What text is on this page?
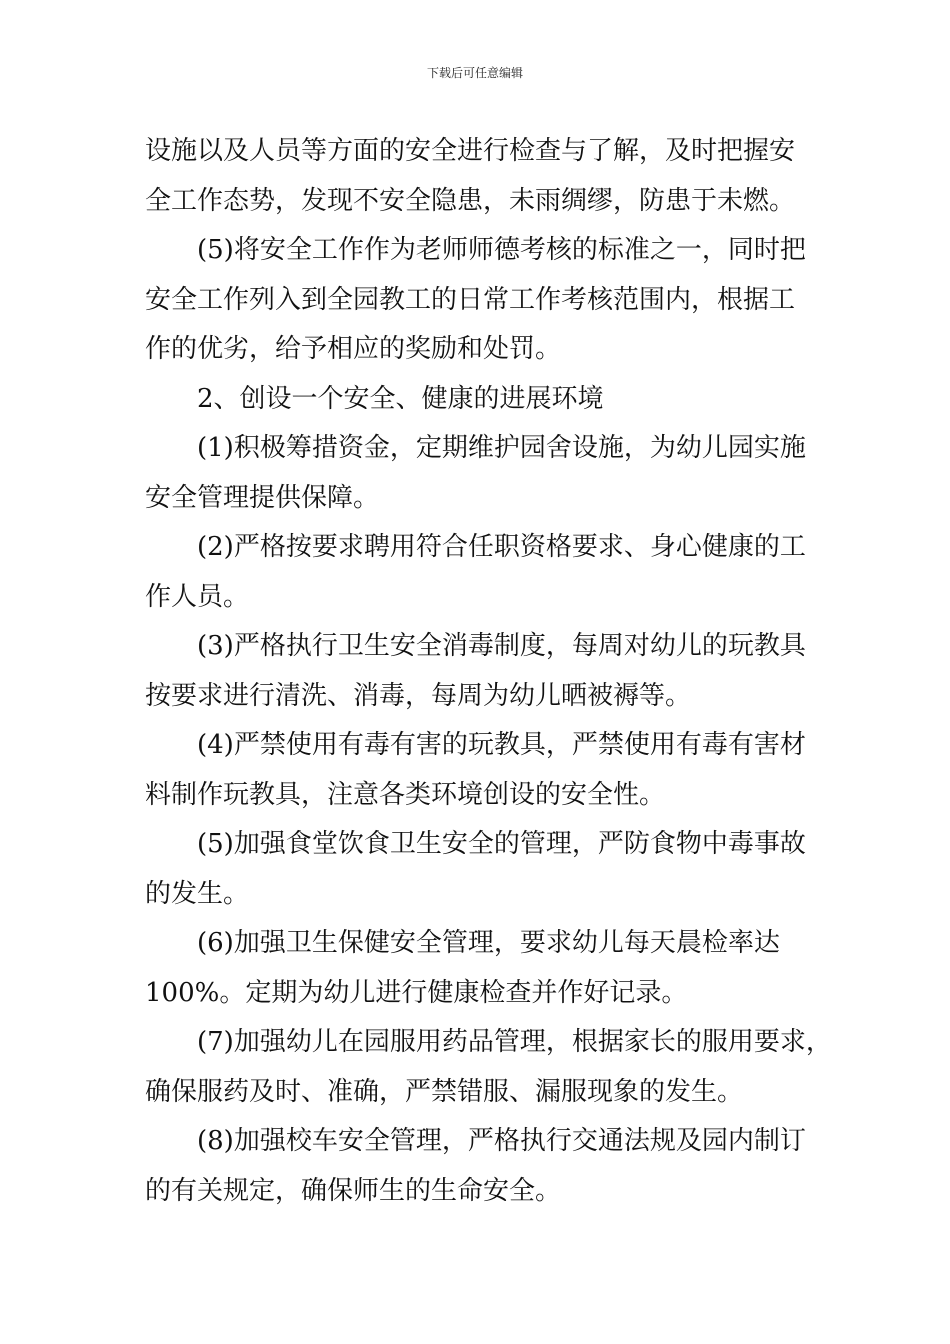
下载后可任意编辑
设施以及人员等方面的安全进行检查与了解，及时把握安
全工作态势，发现不安全隐患，未雨绸缪，防患于未燃。
(5)将安全工作作为老师师德考核的标准之一，同时把
安全工作列入到全园教工的日常工作考核范围内，根据工
作的优劣，给予相应的奖励和处罚。
2、创设一个安全、健康的进展环境
(1)积极筹措资金，定期维护园舍设施，为幼儿园实施
安全管理提供保障。
(2)严格按要求聘用符合任职资格要求、身心健康的工
作人员。
(3)严格执行卫生安全消毒制度，每周对幼儿的玩教具
按要求进行清洗、消毒，每周为幼儿晒被褥等。
(4)严禁使用有毒有害的玩教具，严禁使用有毒有害材
料制作玩教具，注意各类环境创设的安全性。
(5)加强食堂饮食卫生安全的管理，严防食物中毒事故
的发生。
(6)加强卫生保健安全管理，要求幼儿每天晨检率达
100%。定期为幼儿进行健康检查并作好记录。
(7)加强幼儿在园服用药品管理，根据家长的服用要求，
确保服药及时、准确，严禁错服、漏服现象的发生。
(8)加强校车安全管理，严格执行交通法规及园内制订
的有关规定，确保师生的生命安全。
